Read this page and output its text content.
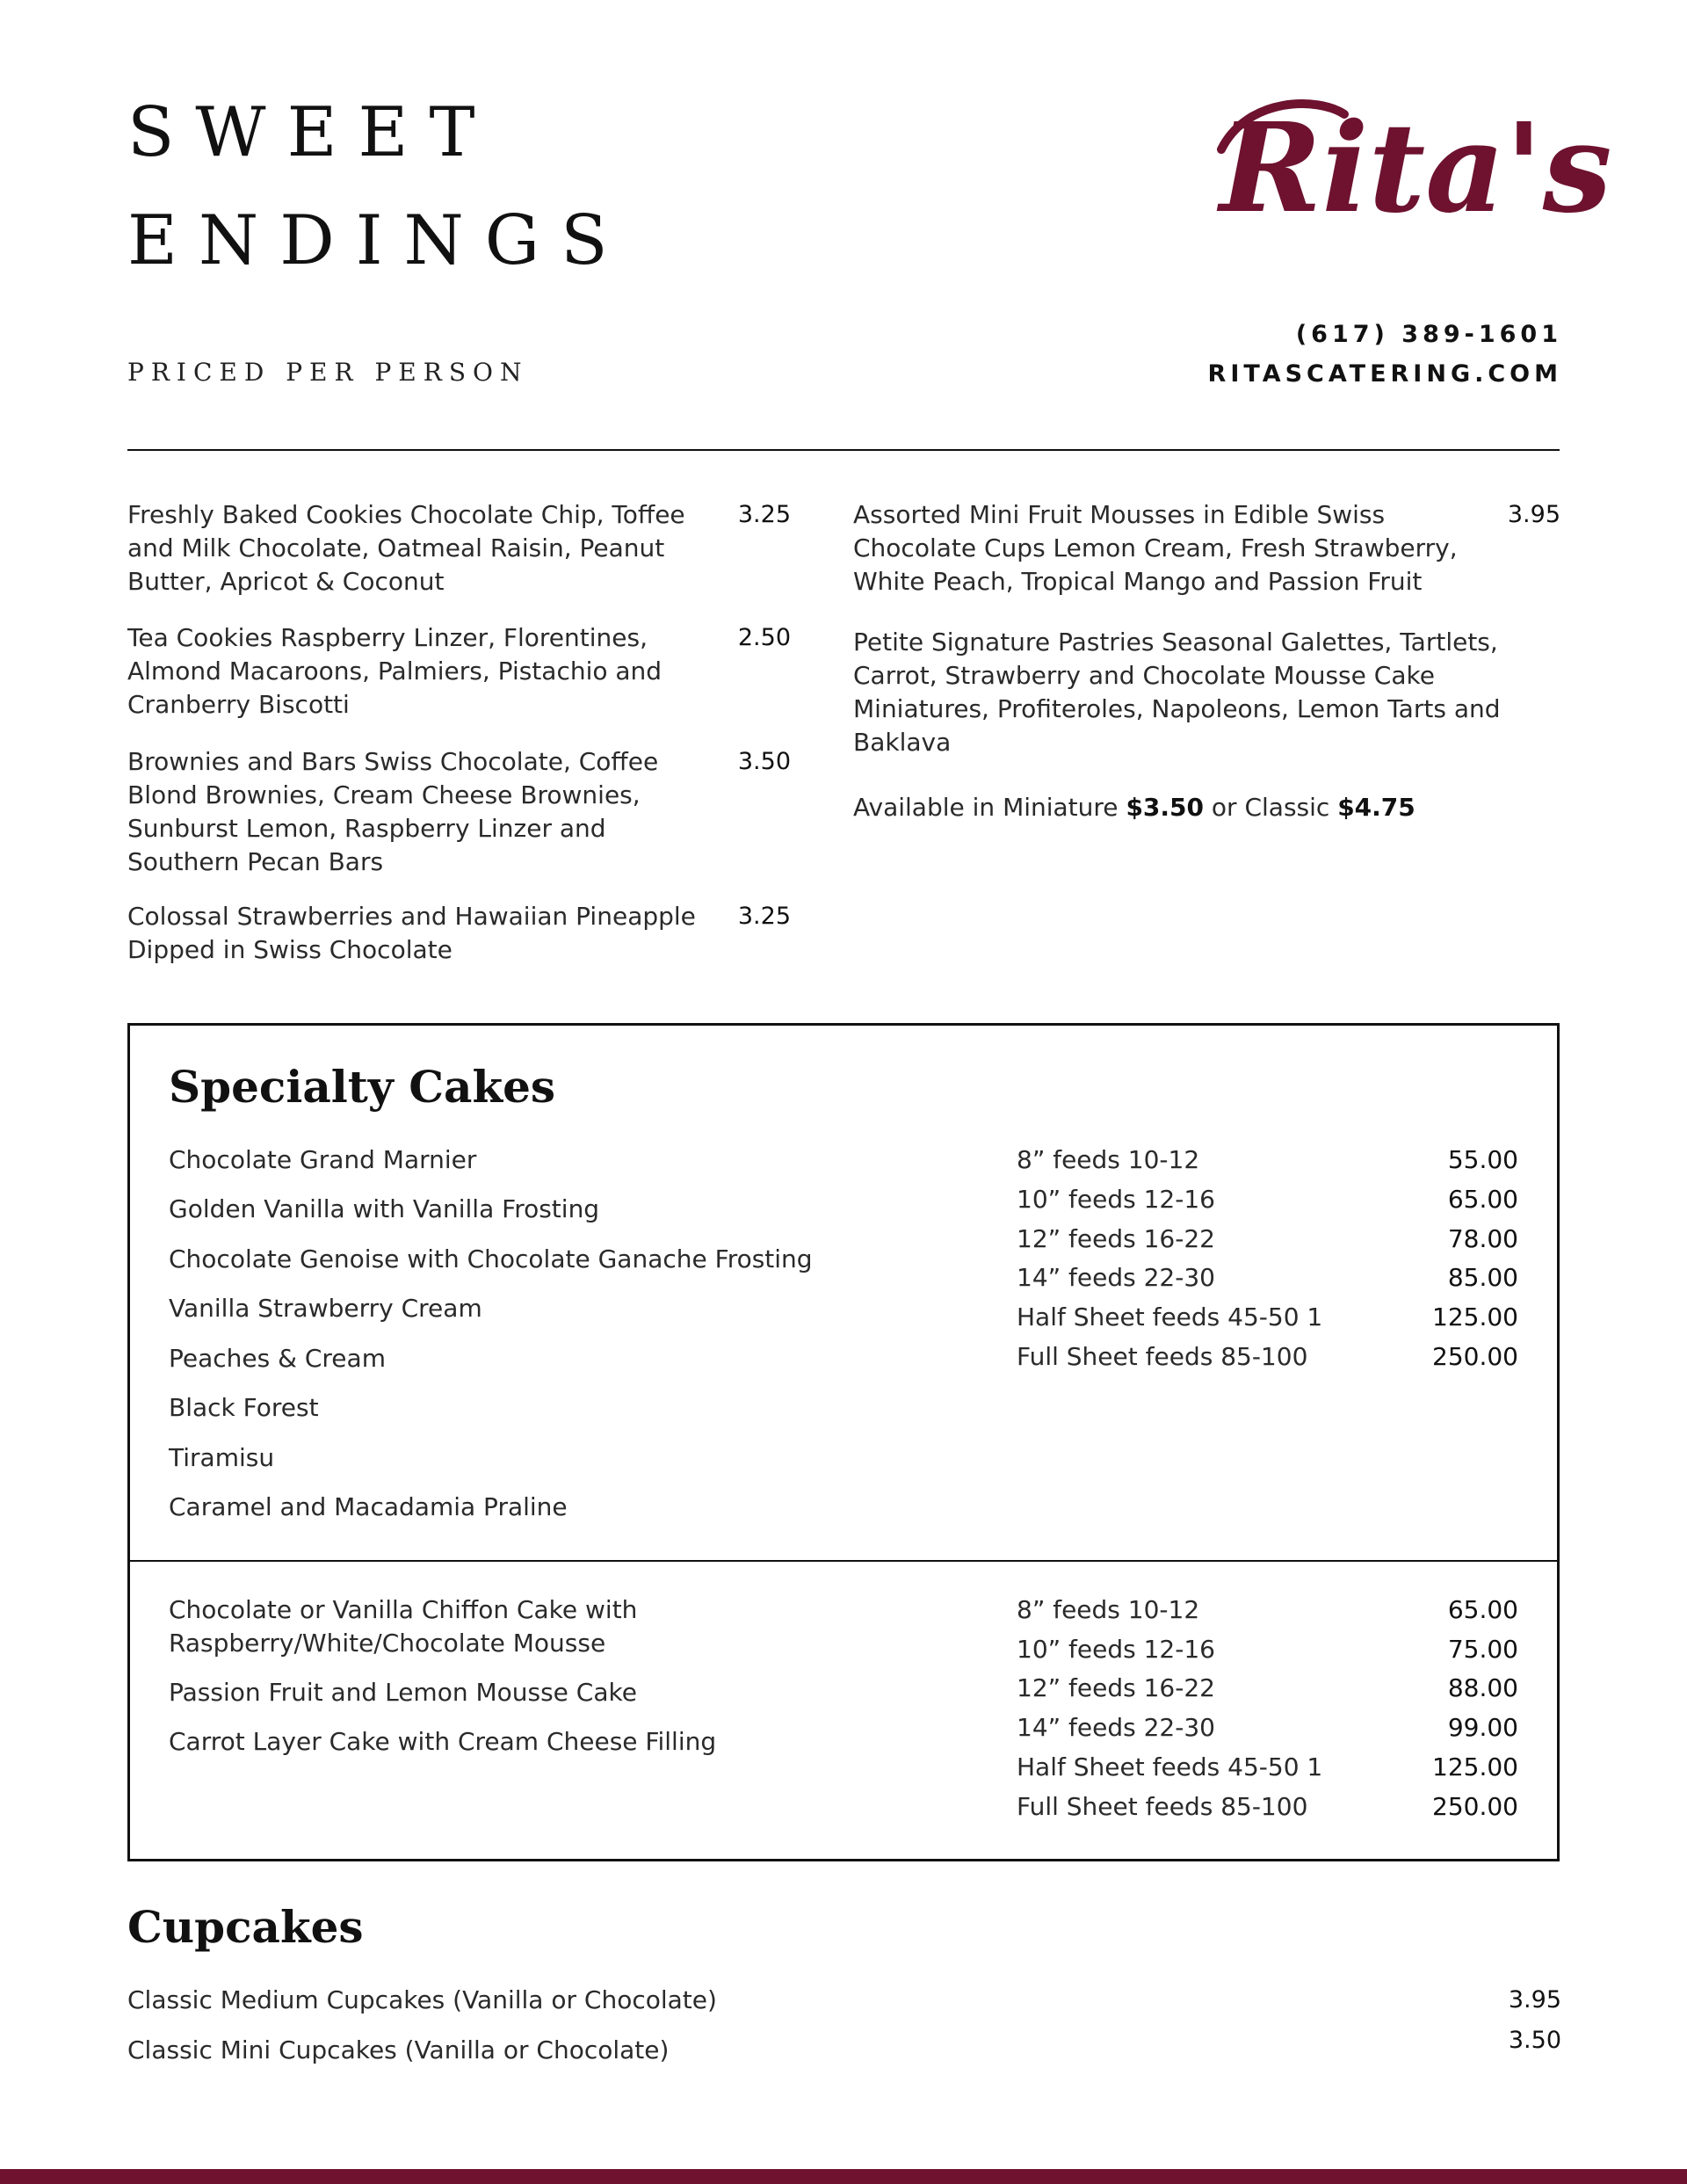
SWEET
ENDINGS
PRICED PER PERSON
Rita's
(617) 389-1601
RITASCATERING.COM
Freshly Baked Cookies Chocolate Chip, Toffee
and Milk Chocolate, Oatmeal Raisin, Peanut
Butter, Apricot & Coconut
3.25
Tea Cookies Raspberry Linzer, Florentines,
Almond Macaroons, Palmiers, Pistachio and
Cranberry Biscotti
2.50
Brownies and Bars Swiss Chocolate, Coffee
Blond Brownies, Cream Cheese Brownies,
Sunburst Lemon, Raspberry Linzer and
Southern Pecan Bars
3.50
Colossal Strawberries and Hawaiian Pineapple
Dipped in Swiss Chocolate
3.25
Assorted Mini Fruit Mousses in Edible Swiss
Chocolate Cups Lemon Cream, Fresh Strawberry,
White Peach, Tropical Mango and Passion Fruit
3.95
Petite Signature Pastries Seasonal Galettes, Tartlets,
Carrot, Strawberry and Chocolate Mousse Cake
Miniatures, Profiteroles, Napoleons, Lemon Tarts and
Baklava
Available in Miniature $3.50 or Classic $4.75
Specialty Cakes
Chocolate Grand Marnier
Golden Vanilla with Vanilla Frosting
Chocolate Genoise with Chocolate Ganache Frosting
Vanilla Strawberry Cream
Peaches & Cream
Black Forest
Tiramisu
Caramel and Macadamia Praline
8” feeds 10-12	55.00
10” feeds 12-16	65.00
12” feeds 16-22	78.00
14” feeds 22-30	85.00
Half Sheet feeds 45-50 1	125.00
Full Sheet feeds 85-100	250.00
Chocolate or Vanilla Chiffon Cake with
Raspberry/White/Chocolate Mousse
Passion Fruit and Lemon Mousse Cake
Carrot Layer Cake with Cream Cheese Filling
8” feeds 10-12	65.00
10” feeds 12-16	75.00
12” feeds 16-22	88.00
14” feeds 22-30	99.00
Half Sheet feeds 45-50 1	125.00
Full Sheet feeds 85-100	250.00
Cupcakes
Classic Medium Cupcakes (Vanilla or Chocolate)	3.95
Classic Mini Cupcakes (Vanilla or Chocolate)	3.50
